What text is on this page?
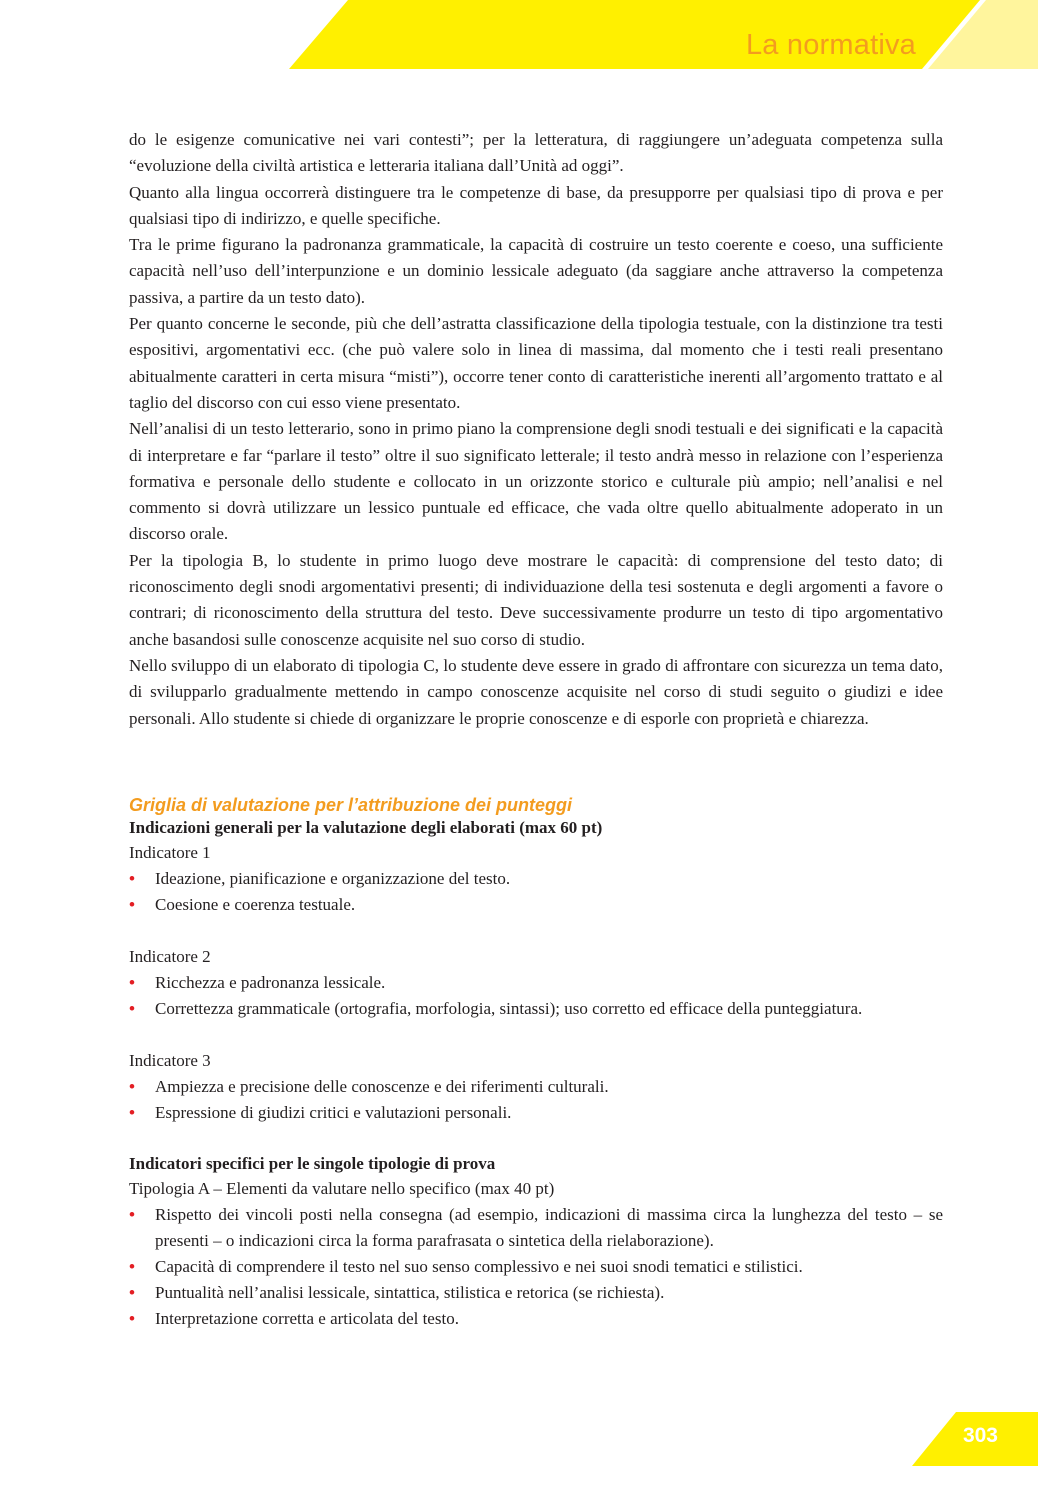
La normativa

do le esigenze comunicative nei vari contesti”; per la letteratura, di raggiungere un’adeguata competenza sulla “evoluzione della civiltà artistica e letteraria italiana dall’Unità ad oggi”.

Quanto alla lingua occorrerà distinguere tra le competenze di base, da presupporre per qualsiasi tipo di prova e per qualsiasi tipo di indirizzo, e quelle specifiche.

Tra le prime figurano la padronanza grammaticale, la capacità di costruire un testo coerente e coeso, una sufficiente capacità nell’uso dell’interpunzione e un dominio lessicale adeguato (da saggiare anche attraverso la competenza passiva, a partire da un testo dato).

Per quanto concerne le seconde, più che dell’astratta classificazione della tipologia testuale, con la distinzione tra testi espositivi, argomentativi ecc. (che può valere solo in linea di massima, dal momento che i testi reali presentano abitualmente caratteri in certa misura “misti”), occorre tener conto di caratteristiche inerenti all’argomento trattato e al taglio del discorso con cui esso viene presentato.

Nell’analisi di un testo letterario, sono in primo piano la comprensione degli snodi testuali e dei significati e la capacità di interpretare e far “parlare il testo” oltre il suo significato letterale; il testo andrà messo in relazione con l’esperienza formativa e personale dello studente e collocato in un orizzonte storico e culturale più ampio; nell’analisi e nel commento si dovrà utilizzare un lessico puntuale ed efficace, che vada oltre quello abitualmente adoperato in un discorso orale.

Per la tipologia B, lo studente in primo luogo deve mostrare le capacità: di comprensione del testo dato; di riconoscimento degli snodi argomentativi presenti; di individuazione della tesi sostenuta e degli argomenti a favore o contrari; di riconoscimento della struttura del testo. Deve successivamente produrre un testo di tipo argomentativo anche basandosi sulle conoscenze acquisite nel suo corso di studio.

Nello sviluppo di un elaborato di tipologia C, lo studente deve essere in grado di affrontare con sicurezza un tema dato, di svilupparlo gradualmente mettendo in campo conoscenze acquisite nel corso di studi seguito o giudizi e idee personali. Allo studente si chiede di organizzare le proprie conoscenze e di esporle con proprietà e chiarezza.

Griglia di valutazione per l’attribuzione dei punteggi
Indicazioni generali per la valutazione degli elaborati (max 60 pt)
Indicatore 1
• Ideazione, pianificazione e organizzazione del testo.
• Coesione e coerenza testuale.
Indicatore 2
• Ricchezza e padronanza lessicale.
• Correttezza grammaticale (ortografia, morfologia, sintassi); uso corretto ed efficace della punteggiatura.
Indicatore 3
• Ampiezza e precisione delle conoscenze e dei riferimenti culturali.
• Espressione di giudizi critici e valutazioni personali.
Indicatori specifici per le singole tipologie di prova
Tipologia A – Elementi da valutare nello specifico (max 40 pt)
• Rispetto dei vincoli posti nella consegna (ad esempio, indicazioni di massima circa la lunghezza del testo – se presenti – o indicazioni circa la forma parafrasata o sintetica della rielaborazione).
• Capacità di comprendere il testo nel suo senso complessivo e nei suoi snodi tematici e stilistici.
• Puntualità nell’analisi lessicale, sintattica, stilistica e retorica (se richiesta).
• Interpretazione corretta e articolata del testo.
303
